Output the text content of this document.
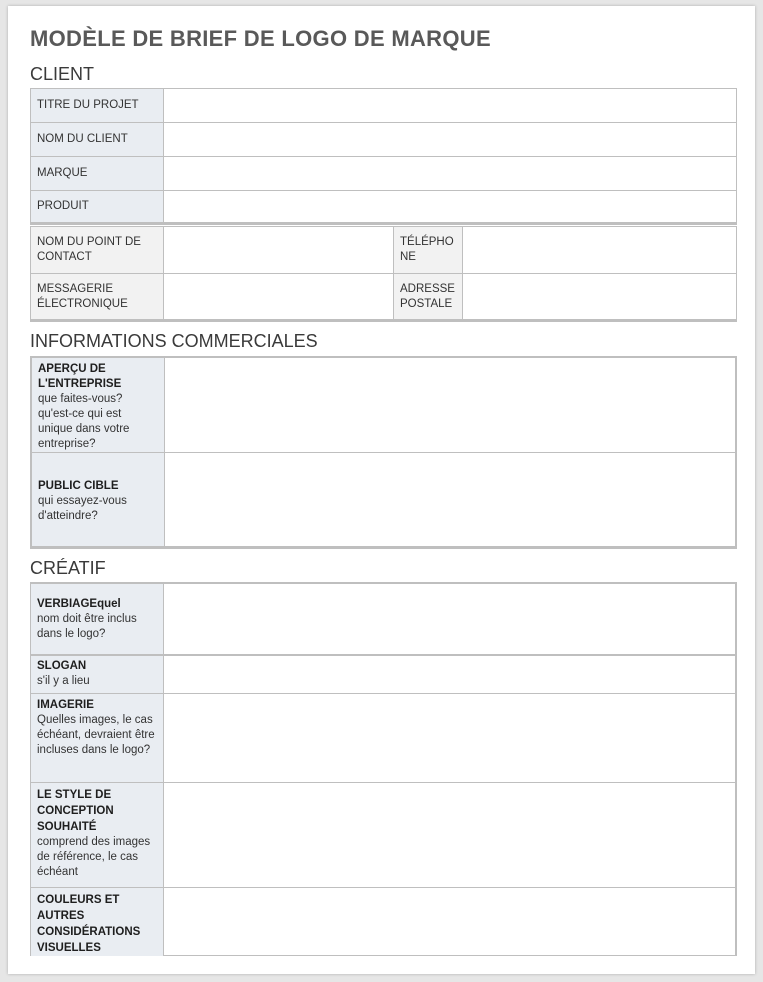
MODÈLE DE BRIEF DE LOGO DE MARQUE
CLIENT
TITRE DU PROJET	
NOM DU CLIENT	
MARQUE	
PRODUIT	
NOM DU POINT DE CONTACT		TÉLÉPHO NE	
MESSAGERIE ÉLECTRONIQUE		ADRESSE POSTALE	
INFORMATIONS COMMERCIALES
APERÇU DE L'ENTREPRISE
que faites-vous? qu'est-ce qui est unique dans votre entreprise?	

PUBLIC CIBLE
qui essayez-vous d'atteindre?	

CRÉATIF
VERBIAGEquel
nom doit être inclus dans le logo?	

SLOGAN
s'il y a lieu	

IMAGERIE
Quelles images, le cas échéant, devraient être incluses dans le logo?	

LE STYLE DE CONCEPTION SOUHAITÉ
comprend des images de référence, le cas échéant	

COULEURS ET AUTRES CONSIDÉRATIONS VISUELLES	
